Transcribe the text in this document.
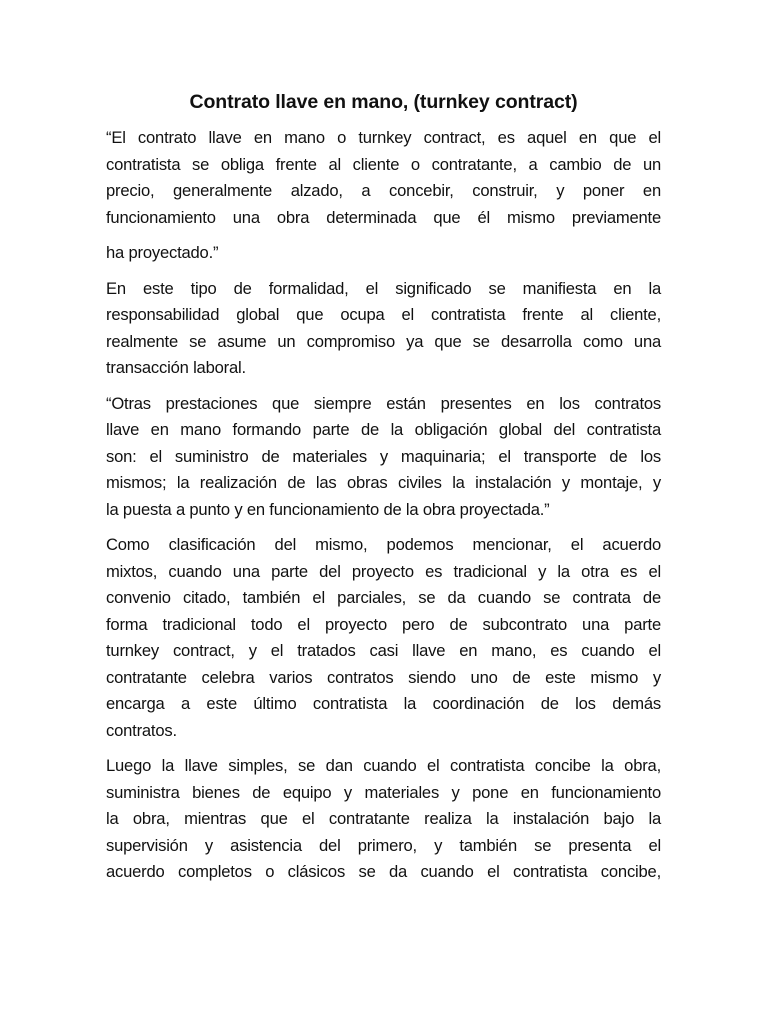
Contrato llave en mano, (turnkey contract)

“El contrato llave en mano o turnkey contract, es aquel en que el
contratista se obliga frente al cliente o contratante, a cambio de un
precio, generalmente alzado, a concebir, construir, y poner en
funcionamiento una obra determinada que él mismo previamente

ha proyectado.”

En este tipo de formalidad, el significado se manifiesta en la
responsabilidad global que ocupa el contratista frente al cliente,
realmente se asume un compromiso ya que se desarrolla como una
transacción laboral.

“Otras prestaciones que siempre están presentes en los contratos
llave en mano formando parte de la obligación global del contratista
son: el suministro de materiales y maquinaria; el transporte de los
mismos; la realización de las obras civiles la instalación y montaje, y
la puesta a punto y en funcionamiento de la obra proyectada.”

Como clasificación del mismo, podemos mencionar, el acuerdo
mixtos, cuando una parte del proyecto es tradicional y la otra es el
convenio citado, también el parciales, se da cuando se contrata de
forma tradicional todo el proyecto pero de subcontrato una parte
turnkey contract, y el tratados casi llave en mano, es cuando el
contratante celebra varios contratos siendo uno de este mismo y
encarga a este último contratista la coordinación de los demás
contratos.

Luego la llave simples, se dan cuando el contratista concibe la obra,
suministra bienes de equipo y materiales y pone en funcionamiento
la obra, mientras que el contratante realiza la instalación bajo la
supervisión y asistencia del primero, y también se presenta el
acuerdo completos o clásicos se da cuando el contratista concibe,
